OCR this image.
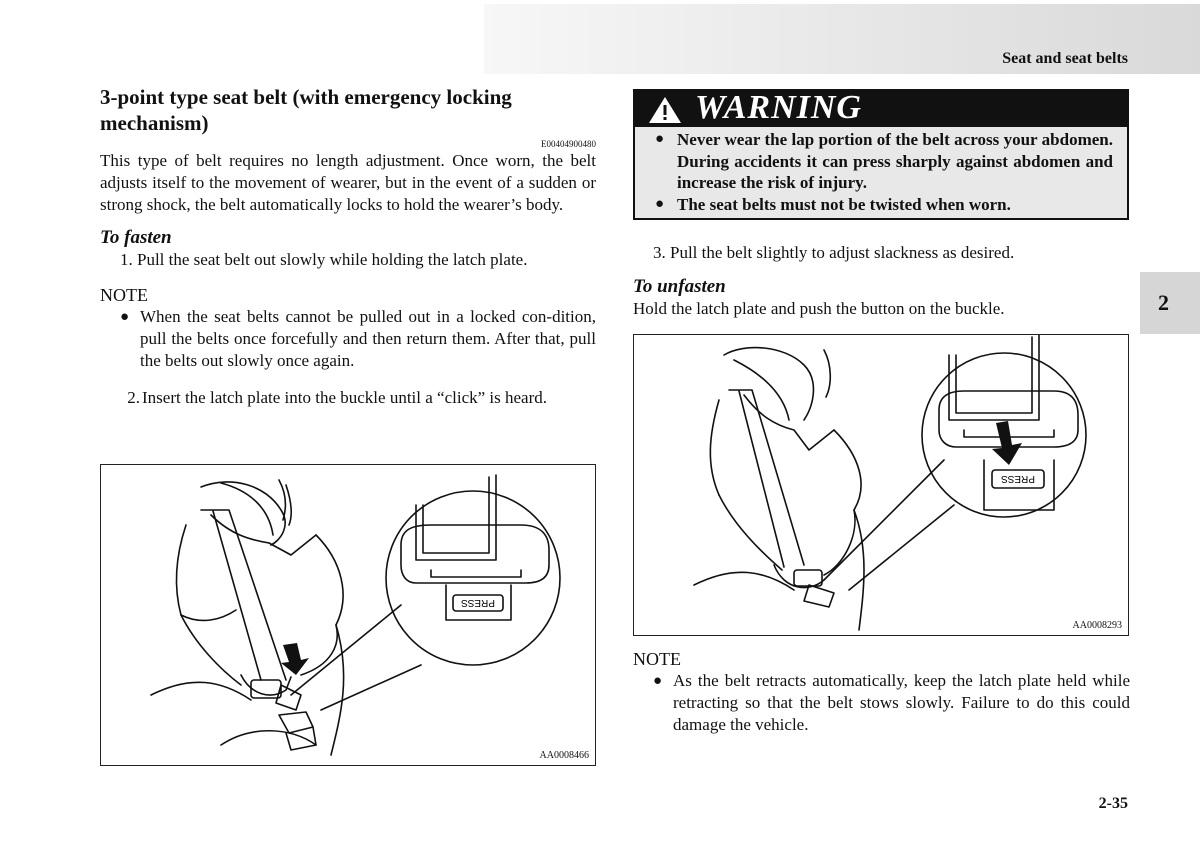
Seat and seat belts
2
3-point type seat belt (with emergency locking mechanism)
E00404900480

This type of belt requires no length adjustment. Once worn, the belt adjusts itself to the movement of wearer, but in the event of a sudden or strong shock, the belt automatically locks to hold the wearer’s body.

To fasten

1. Pull the seat belt out slowly while holding the latch plate.

NOTE

● When the seat belts cannot be pulled out in a locked con-dition, pull the belts once forcefully and then return them. After that, pull the belts out slowly once again.
2. Insert the latch plate into the buckle until a “click” is heard.
PRESS
AA0008466
WARNING
● Never wear the lap portion of the belt across your abdomen. During accidents it can press sharply against abdomen and increase the risk of injury.
● The seat belts must not be twisted when worn.

3. Pull the belt slightly to adjust slackness as desired.

To unfasten

Hold the latch plate and push the button on the buckle.

PRESS
AA0008293

NOTE

● As the belt retracts automatically, keep the latch plate held while retracting so that the belt stows slowly. Failure to do this could damage the vehicle.
2-35
